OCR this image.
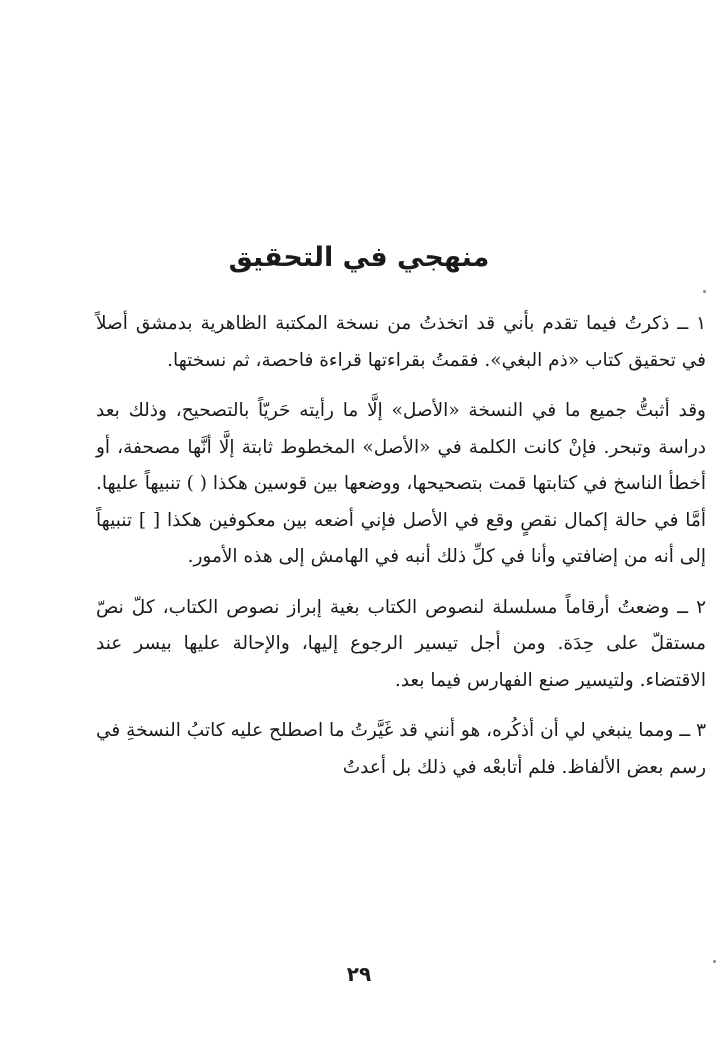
منهجي في التحقيق

١ ــ ذكرتُ فيما تقدم بأني قد اتخذتُ من نسخة المكتبة الظاهرية بدمشق أصلاً في تحقيق كتاب «ذم البغي». فقمتُ بقراءتها قراءة فاحصة، ثم نسختها.

وقد أثبتُّ جميع ما في النسخة «الأصل» إلَّا ما رأيته حَريّاً بالتصحيح، وذلك بعد دراسة وتبحر. فإنْ كانت الكلمة في «الأصل» المخطوط ثابتة إلَّا أنَّها مصحفة، أو أخطأ الناسخ في كتابتها قمت بتصحيحها، ووضعها بين قوسين هكذا ( ) تنبيهاً عليها. أمَّا في حالة إكمال نقصٍ وقع في الأصل فإني أضعه بين معكوفين هكذا [ ] تنبيهاً إلى أنه من إضافتي وأنا في كلِّ ذلك أنبه في الهامش إلى هذه الأمور.

٢ ــ وضعتُ أرقاماً مسلسلة لنصوص الكتاب بغية إبراز نصوص الكتاب، كلّ نصّ مستقلّ على حِدَة. ومن أجل تيسير الرجوع إليها، والإحالة عليها بيسر عند الاقتضاء. ولتيسير صنع الفهارس فيما بعد.

٣ ــ ومما ينبغي لي أن أذكُره، هو أنني قد غَيَّرتُ ما اصطلح عليه كاتبُ النسخةِ في رسم بعض الألفاظ. فلم أتابعْه في ذلك بل أعدتُ

٢٩
